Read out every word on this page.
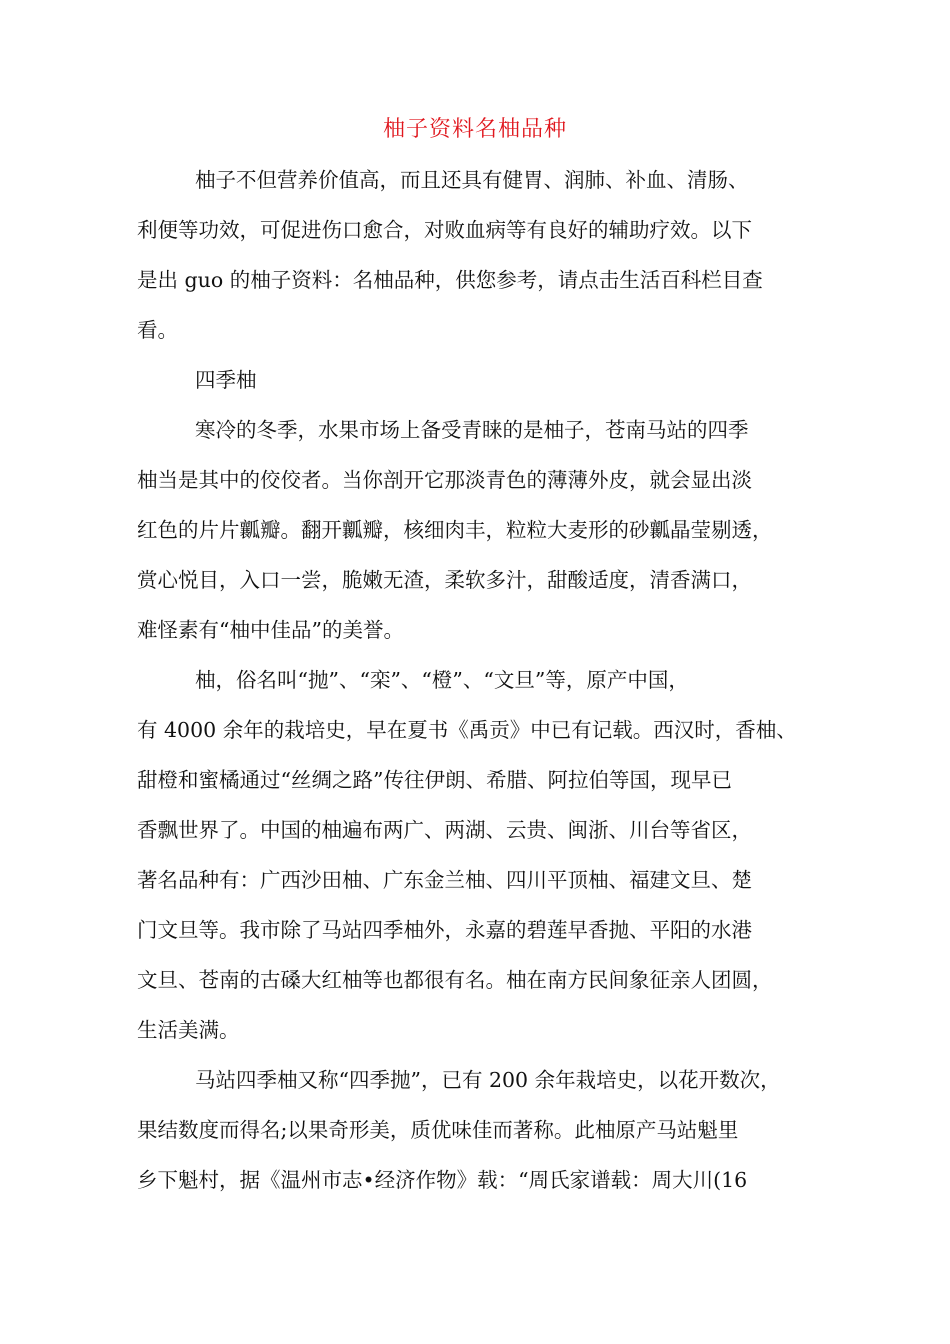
柚子资料名柚品种
柚子不但营养价值高，而且还具有健胃、润肺、补血、清肠、
利便等功效，可促进伤口愈合，对败血病等有良好的辅助疗效。以下
是出 guo 的柚子资料：名柚品种，供您参考，请点击生活百科栏目查
看。
四季柚
寒冷的冬季，水果市场上备受青睐的是柚子，苍南马站的四季
柚当是其中的佼佼者。当你剖开它那淡青色的薄薄外皮，就会显出淡
红色的片片瓤瓣。翻开瓤瓣，核细肉丰，粒粒大麦形的砂瓤晶莹剔透，
赏心悦目，入口一尝，脆嫩无渣，柔软多汁，甜酸适度，清香满口，
难怪素有“柚中佳品”的美誉。
柚，俗名叫“抛”、“栾”、“橙”、“文旦”等，原产中国，
有 4000 余年的栽培史，早在夏书《禹贡》中已有记载。西汉时，香柚、
甜橙和蜜橘通过“丝绸之路”传往伊朗、希腊、阿拉伯等国，现早已
香飘世界了。中国的柚遍布两广、两湖、云贵、闽浙、川台等省区，
著名品种有：广西沙田柚、广东金兰柚、四川平顶柚、福建文旦、楚
门文旦等。我市除了马站四季柚外，永嘉的碧莲早香抛、平阳的水港
文旦、苍南的古磉大红柚等也都很有名。柚在南方民间象征亲人团圆，
生活美满。
马站四季柚又称“四季抛”，已有 200 余年栽培史，以花开数次，
果结数度而得名;以果奇形美，质优味佳而著称。此柚原产马站魁里
乡下魁村，据《温州市志•经济作物》载：“周氏家谱载：周大川(16
